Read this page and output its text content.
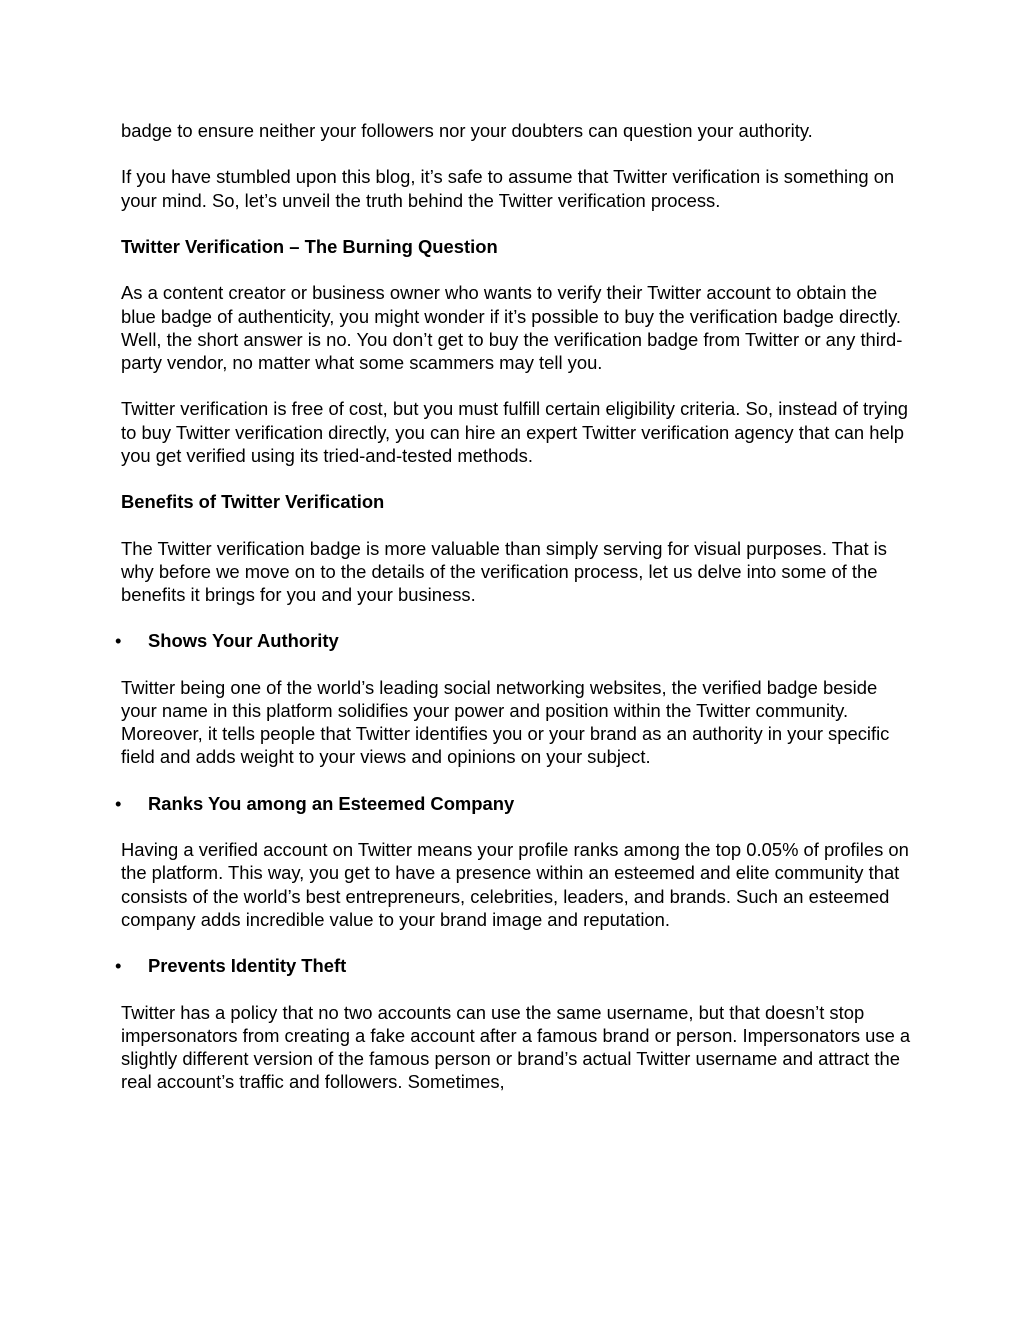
badge to ensure neither your followers nor your doubters can question your authority.

If you have stumbled upon this blog, it’s safe to assume that Twitter verification is something on your mind. So, let’s unveil the truth behind the Twitter verification process.

Twitter Verification – The Burning Question

As a content creator or business owner who wants to verify their Twitter account to obtain the blue badge of authenticity, you might wonder if it’s possible to buy the verification badge directly. Well, the short answer is no. You don’t get to buy the verification badge from Twitter or any third-party vendor, no matter what some scammers may tell you.

Twitter verification is free of cost, but you must fulfill certain eligibility criteria. So, instead of trying to buy Twitter verification directly, you can hire an expert Twitter verification agency that can help you get verified using its tried-and-tested methods.

Benefits of Twitter Verification

The Twitter verification badge is more valuable than simply serving for visual purposes. That is why before we move on to the details of the verification process, let us delve into some of the benefits it brings for you and your business.

• Shows Your Authority

Twitter being one of the world’s leading social networking websites, the verified badge beside your name in this platform solidifies your power and position within the Twitter community. Moreover, it tells people that Twitter identifies you or your brand as an authority in your specific field and adds weight to your views and opinions on your subject.

• Ranks You among an Esteemed Company

Having a verified account on Twitter means your profile ranks among the top 0.05% of profiles on the platform. This way, you get to have a presence within an esteemed and elite community that consists of the world’s best entrepreneurs, celebrities, leaders, and brands. Such an esteemed company adds incredible value to your brand image and reputation.

• Prevents Identity Theft

Twitter has a policy that no two accounts can use the same username, but that doesn’t stop impersonators from creating a fake account after a famous brand or person. Impersonators use a slightly different version of the famous person or brand’s actual Twitter username and attract the real account’s traffic and followers. Sometimes,
